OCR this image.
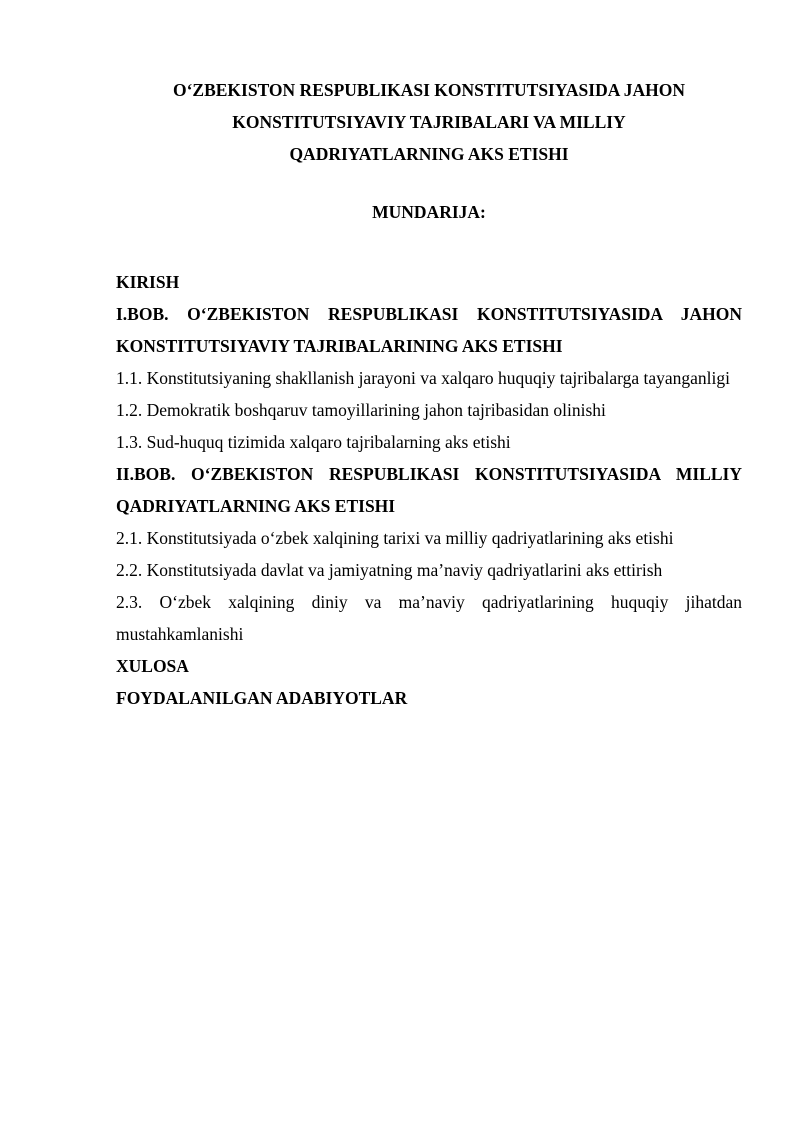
O‘ZBEKISTON RESPUBLIKASI KONSTITUTSIYASIDA JAHON
KONSTITUTSIYAVIY TAJRIBALARI VA MILLIY
QADRIYATLARNING AKS ETISHI
MUNDARIJA:
KIRISH
I.BOB. O‘ZBEKISTON RESPUBLIKASI KONSTITUTSIYASIDA JAHON KONSTITUTSIYAVIY TAJRIBALARINING AKS ETISHI
1.1. Konstitutsiyaning shakllanish jarayoni va xalqaro huquqiy tajribalarga tayanganligi
1.2. Demokratik boshqaruv tamoyillarining jahon tajribasidan olinishi
1.3. Sud-huquq tizimida xalqaro tajribalarning aks etishi
II.BOB. O‘ZBEKISTON RESPUBLIKASI KONSTITUTSIYASIDA MILLIY QADRIYATLARNING AKS ETISHI
2.1. Konstitutsiyada o‘zbek xalqining tarixi va milliy qadriyatlarining aks etishi
2.2. Konstitutsiyada davlat va jamiyatning ma’naviy qadriyatlarini aks ettirish
2.3. O‘zbek xalqining diniy va ma’naviy qadriyatlarining huquqiy jihatdan mustahkamlanishi
XULOSA
FOYDALANILGAN ADABIYOTLAR
